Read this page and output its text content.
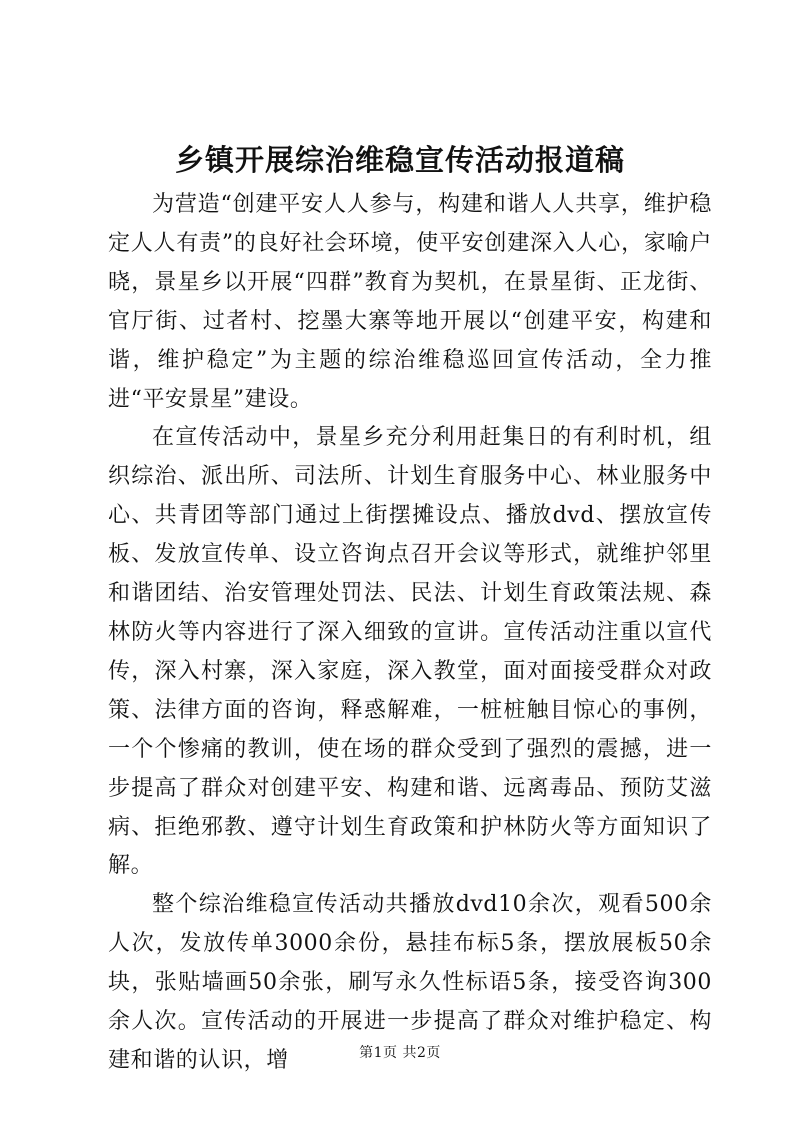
乡镇开展综治维稳宣传活动报道稿

为营造“创建平安人人参与，构建和谐人人共享，维护稳定人人有责”的良好社会环境，使平安创建深入人心，家喻户晓，景星乡以开展“四群”教育为契机，在景星街、正龙街、官厅街、过者村、挖墨大寨等地开展以“创建平安，构建和谐，维护稳定”为主题的综治维稳巡回宣传活动，全力推进“平安景星”建设。

在宣传活动中，景星乡充分利用赶集日的有利时机，组织综治、派出所、司法所、计划生育服务中心、林业服务中心、共青团等部门通过上街摆摊设点、播放dvd、摆放宣传板、发放宣传单、设立咨询点召开会议等形式，就维护邻里和谐团结、治安管理处罚法、民法、计划生育政策法规、森林防火等内容进行了深入细致的宣讲。宣传活动注重以宣代传，深入村寨，深入家庭，深入教堂，面对面接受群众对政策、法律方面的咨询，释惑解难，一桩桩触目惊心的事例，一个个惨痛的教训，使在场的群众受到了强烈的震撼，进一步提高了群众对创建平安、构建和谐、远离毒品、预防艾滋病、拒绝邪教、遵守计划生育政策和护林防火等方面知识了解。

整个综治维稳宣传活动共播放dvd10余次，观看500余人次，发放传单3000余份，悬挂布标5条，摆放展板50余块，张贴墙画50余张，刷写永久性标语5条，接受咨询300余人次。宣传活动的开展进一步提高了群众对维护稳定、构建和谐的认识，增	第1页 共2页
